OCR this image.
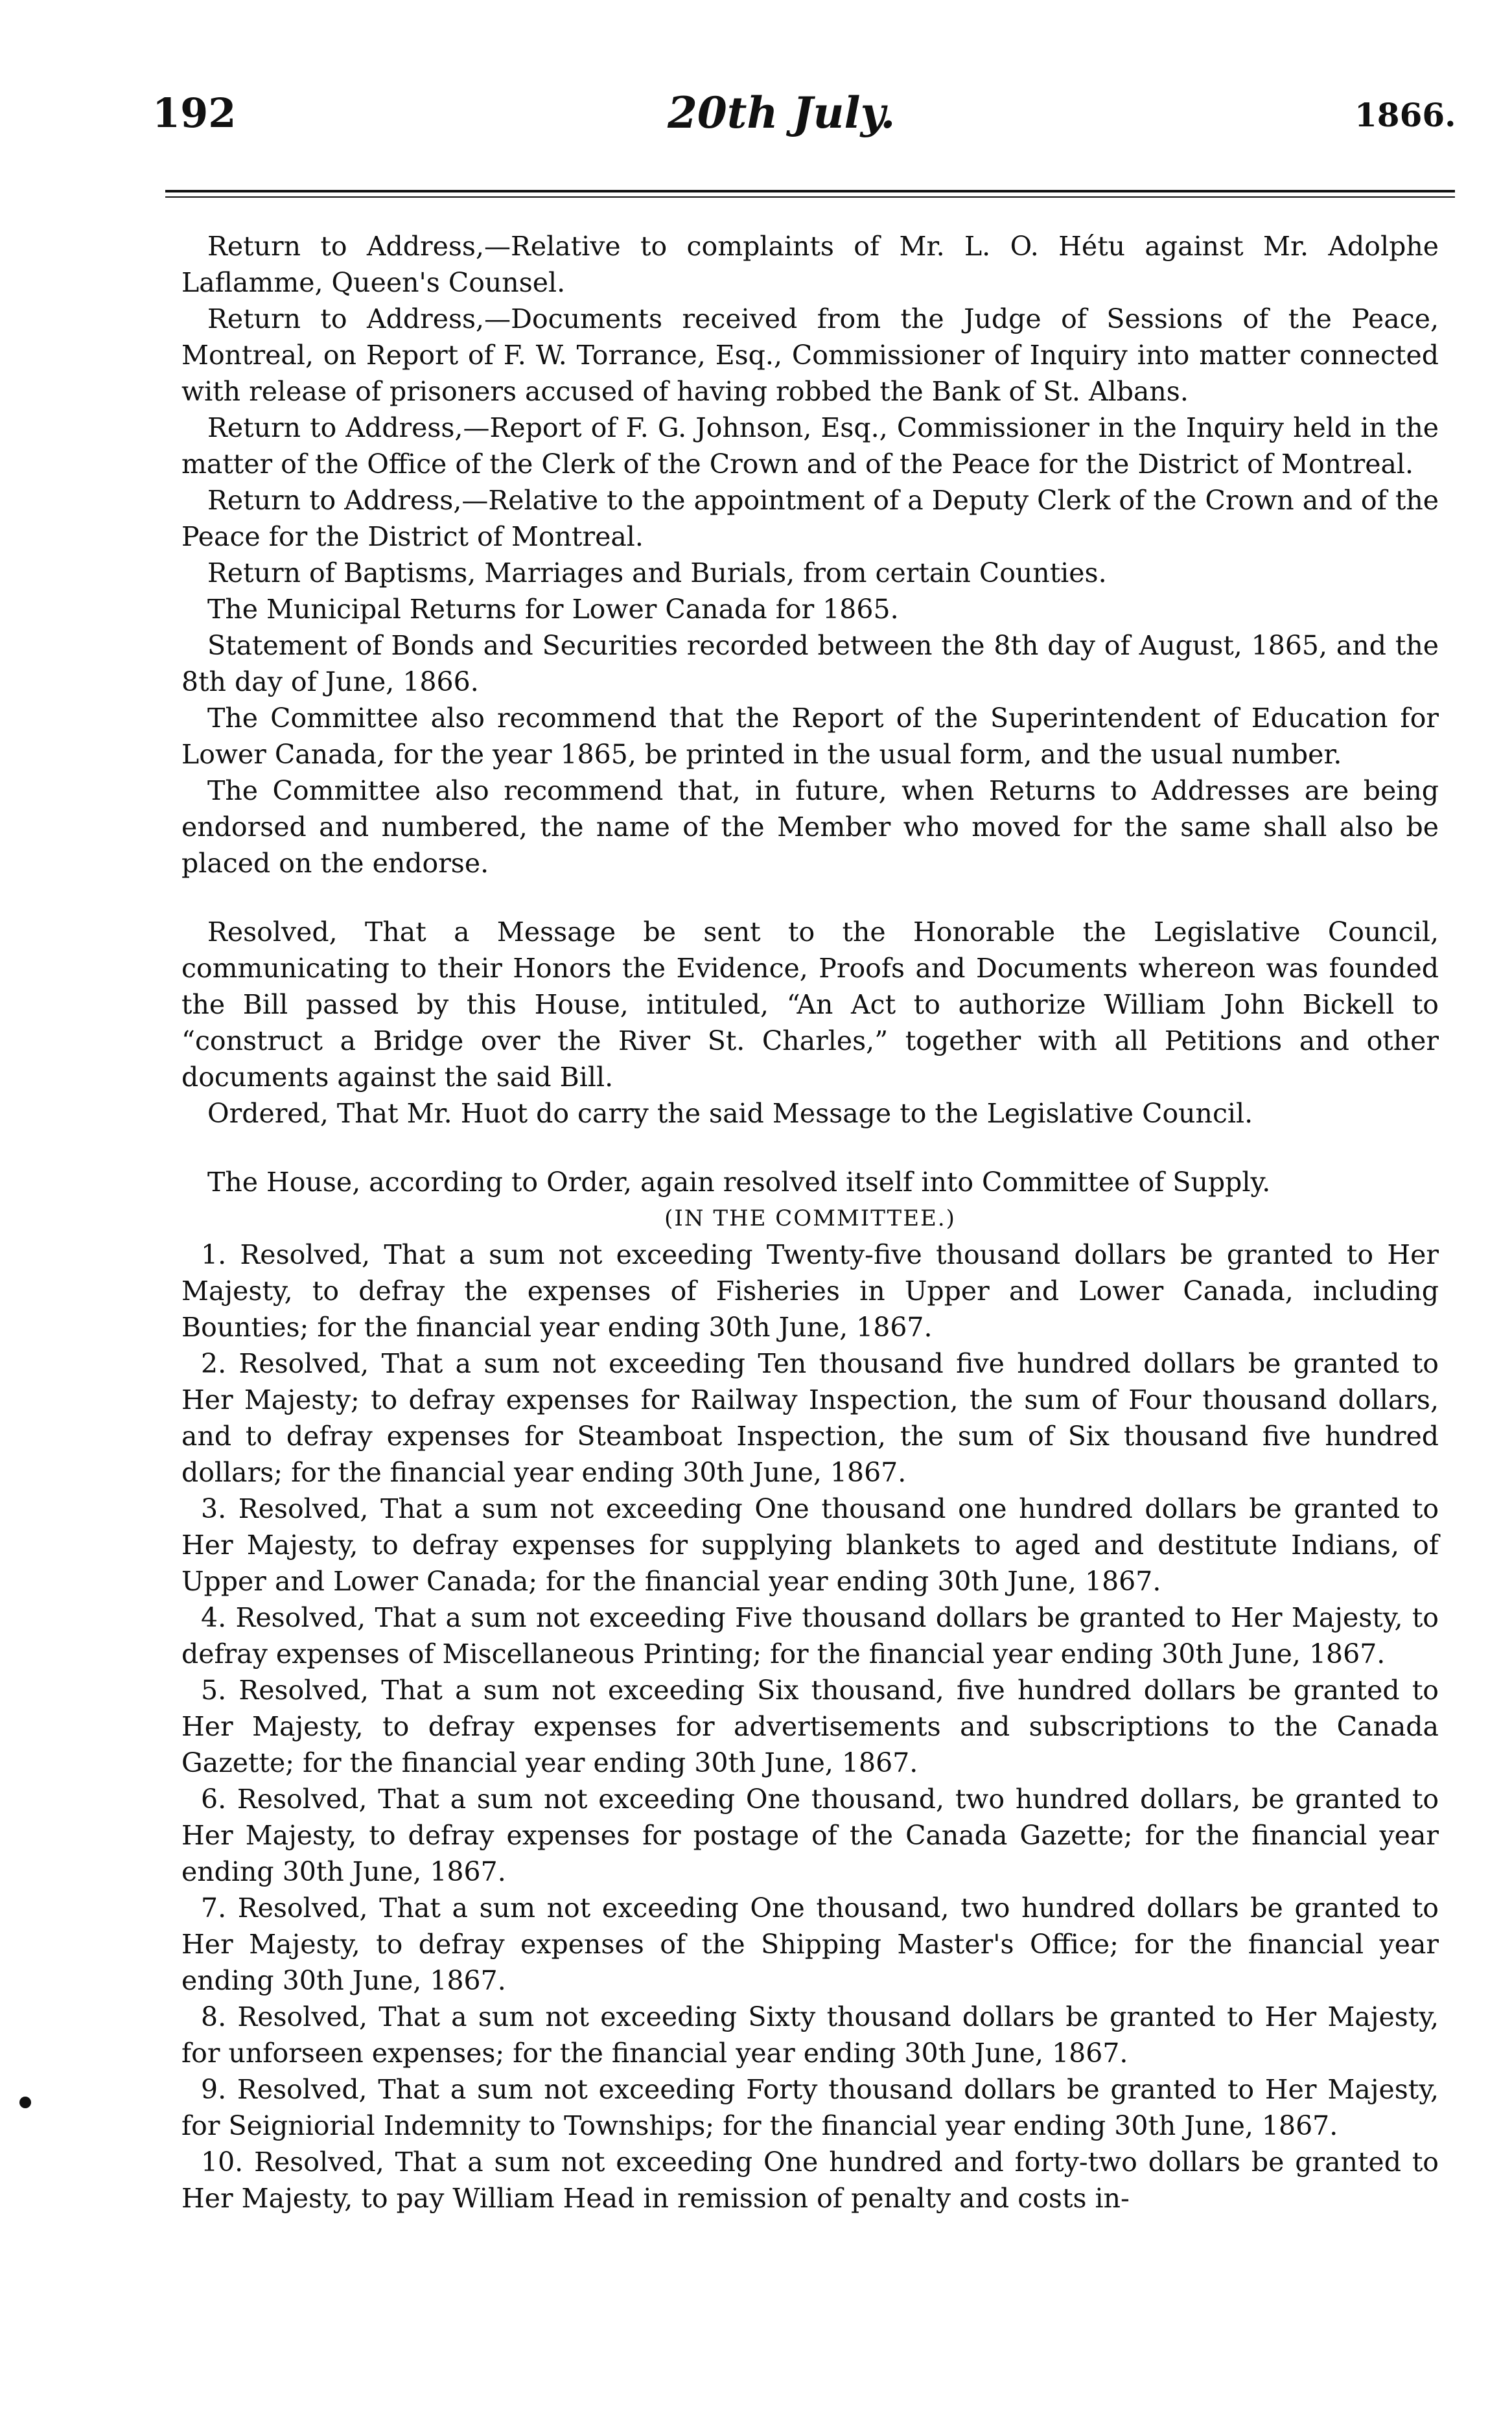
192	20th July.	1866.

Return to Address,—Relative to complaints of Mr. L. O. Hétu against Mr. Adolphe Laflamme, Queen's Counsel.

Return to Address,—Documents received from the Judge of Sessions of the Peace, Montreal, on Report of F. W. Torrance, Esq., Commissioner of Inquiry into matter connected with release of prisoners accused of having robbed the Bank of St. Albans.

Return to Address,—Report of F. G. Johnson, Esq., Commissioner in the Inquiry held in the matter of the Office of the Clerk of the Crown and of the Peace for the District of Montreal.

Return to Address,—Relative to the appointment of a Deputy Clerk of the Crown and of the Peace for the District of Montreal.

Return of Baptisms, Marriages and Burials, from certain Counties.

The Municipal Returns for Lower Canada for 1865.

Statement of Bonds and Securities recorded between the 8th day of August, 1865, and the 8th day of June, 1866.

The Committee also recommend that the Report of the Superintendent of Education for Lower Canada, for the year 1865, be printed in the usual form, and the usual number.

The Committee also recommend that, in future, when Returns to Addresses are being endorsed and numbered, the name of the Member who moved for the same shall also be placed on the endorse.

Resolved, That a Message be sent to the Honorable the Legislative Council, communicating to their Honors the Evidence, Proofs and Documents whereon was founded the Bill passed by this House, intituled, “An Act to authorize William John Bickell to “construct a Bridge over the River St. Charles,” together with all Petitions and other documents against the said Bill.

Ordered, That Mr. Huot do carry the said Message to the Legislative Council.

The House, according to Order, again resolved itself into Committee of Supply.

(IN THE COMMITTEE.)

1. Resolved, That a sum not exceeding Twenty-five thousand dollars be granted to Her Majesty, to defray the expenses of Fisheries in Upper and Lower Canada, including Bounties; for the financial year ending 30th June, 1867.

2. Resolved, That a sum not exceeding Ten thousand five hundred dollars be granted to Her Majesty; to defray expenses for Railway Inspection, the sum of Four thousand dollars, and to defray expenses for Steamboat Inspection, the sum of Six thousand five hundred dollars; for the financial year ending 30th June, 1867.

3. Resolved, That a sum not exceeding One thousand one hundred dollars be granted to Her Majesty, to defray expenses for supplying blankets to aged and destitute Indians, of Upper and Lower Canada; for the financial year ending 30th June, 1867.

4. Resolved, That a sum not exceeding Five thousand dollars be granted to Her Majesty, to defray expenses of Miscellaneous Printing; for the financial year ending 30th June, 1867.

5. Resolved, That a sum not exceeding Six thousand, five hundred dollars be granted to Her Majesty, to defray expenses for advertisements and subscriptions to the Canada Gazette; for the financial year ending 30th June, 1867.

6. Resolved, That a sum not exceeding One thousand, two hundred dollars, be granted to Her Majesty, to defray expenses for postage of the Canada Gazette; for the financial year ending 30th June, 1867.

7. Resolved, That a sum not exceeding One thousand, two hundred dollars be granted to Her Majesty, to defray expenses of the Shipping Master's Office; for the financial year ending 30th June, 1867.

8. Resolved, That a sum not exceeding Sixty thousand dollars be granted to Her Majesty, for unforseen expenses; for the financial year ending 30th June, 1867.

9. Resolved, That a sum not exceeding Forty thousand dollars be granted to Her Majesty, for Seigniorial Indemnity to Townships; for the financial year ending 30th June, 1867.

10. Resolved, That a sum not exceeding One hundred and forty-two dollars be granted to Her Majesty, to pay William Head in remission of penalty and costs in-
